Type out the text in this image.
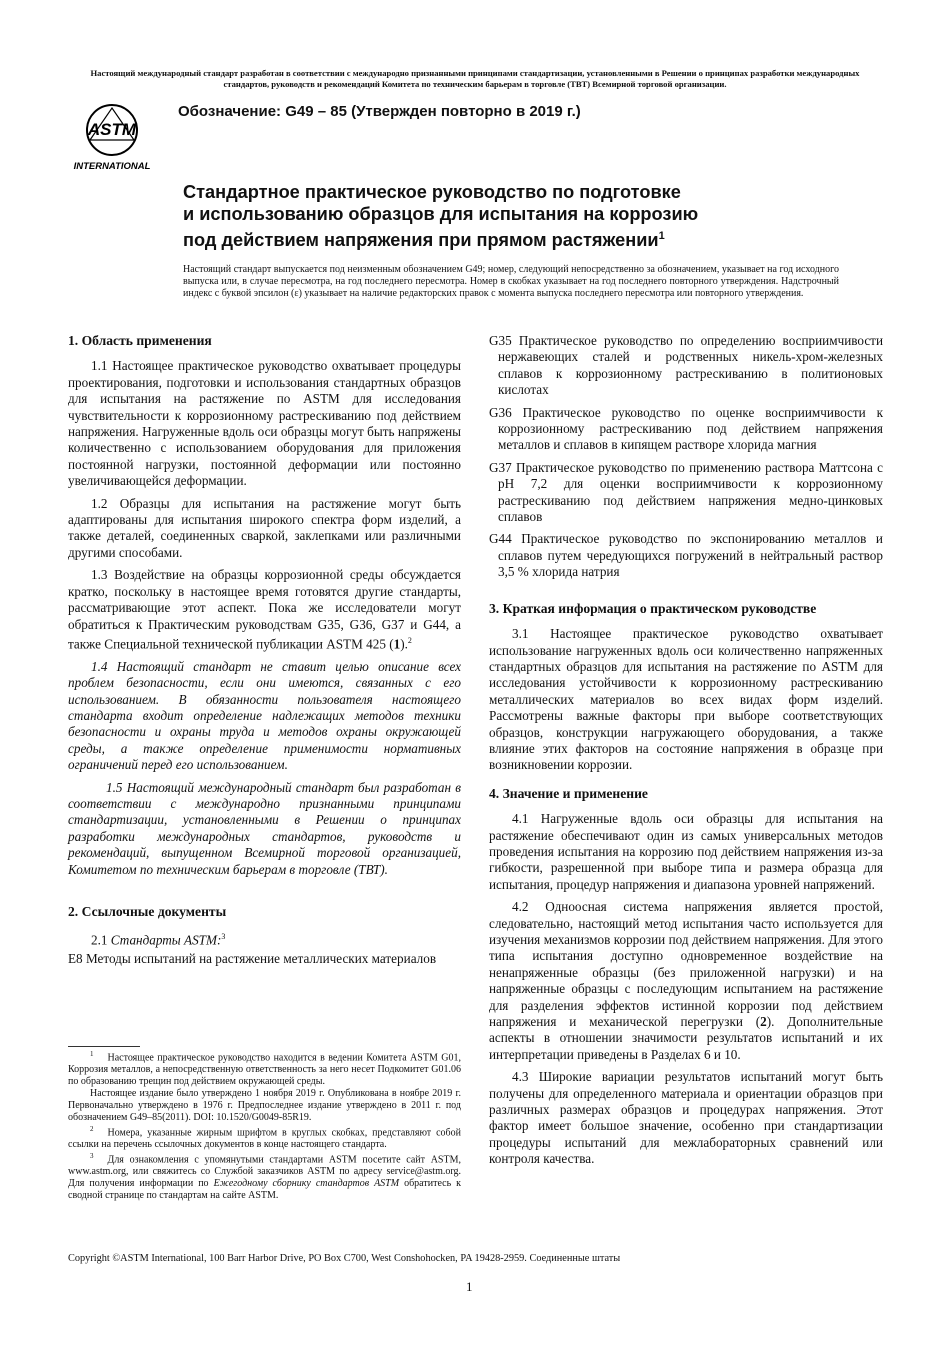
Настоящий международный стандарт разработан в соответствии с международно признанными принципами стандартизации, установленными в Решении о принципах разработки международных
стандартов, руководств и рекомендаций Комитета по техническим барьерам в торговле (ТВТ) Всемирной торговой организации.
ASTM
INTERNATIONAL
Обозначение: G49 – 85 (Утвержден повторно в 2019 г.)
Стандартное практическое руководство по подготовке
и использованию образцов для испытания на коррозию
под действием напряжения при прямом растяжении$^1$
Настоящий стандарт выпускается под неизменным обозначением G49; номер, следующий непосредственно за обозначением, указывает на год исходного выпуска или, в случае пересмотра, на год последнего пересмотра. Номер в скобках указывает на год последнего повторного утверждения. Надстрочный индекс с буквой эпсилон (ε) указывает на наличие редакторских правок с момента выпуска последнего пересмотра или повторного утверждения.
1. Область применения

1.1 Настоящее практическое руководство охватывает процедуры проектирования, подготовки и использования стандартных образцов для испытания на растяжение по ASTM для исследования чувствительности к коррозионному растрескиванию под действием напряжения. Нагруженные вдоль оси образцы могут быть напряжены количественно с использованием оборудования для приложения постоянной нагрузки, постоянной деформации или постоянно увеличивающейся деформации.

1.2 Образцы для испытания на растяжение могут быть адаптированы для испытания широкого спектра форм изделий, а также деталей, соединенных сваркой, заклепками или различными другими способами.

1.3 Воздействие на образцы коррозионной среды обсуждается кратко, поскольку в настоящее время готовятся другие стандарты, рассматривающие этот аспект. Пока же исследователи могут обратиться к Практическим руководствам G35, G36, G37 и G44, а также Специальной технической публикации ASTM 425 (1).$^2$

1.4 Настоящий стандарт не ставит целью описание всех проблем безопасности, если они имеются, связанных с его использованием. В обязанности пользователя настоящего стандарта входит определение надлежащих методов техники безопасности и охраны труда и методов охраны окружающей среды, а также определение применимости нормативных ограничений перед его использованием.

1.5 Настоящий международный стандарт был разработан в соответствии с международно признанными принципами стандартизации, установленными в Решении о принципах разработки международных стандартов, руководств и рекомендаций, выпущенном Всемирной торговой организацией, Комитетом по техническим барьерам в торговле (ТВТ).

2. Ссылочные документы

2.1 Стандарты ASTM:$^3$

E8 Методы испытаний на растяжение металлических материалов

$^1$ Настоящее практическое руководство находится в ведении Комитета ASTM G01, Коррозия металлов, а непосредственную ответственность за него несет Подкомитет G01.06 по образованию трещин под действием окружающей среды.

Настоящее издание было утверждено 1 ноября 2019 г. Опубликована в ноябре 2019 г. Первоначально утверждено в 1976 г. Предпоследнее издание утверждено в 2011 г. под обозначением G49–85(2011). DOI: 10.1520/G0049-85R19.

$^2$ Номера, указанные жирным шрифтом в круглых скобках, представляют собой ссылки на перечень ссылочных документов в конце настоящего стандарта.

$^3$ Для ознакомления с упомянутыми стандартами ASTM посетите сайт ASTM, www.astm.org, или свяжитесь со Службой заказчиков ASTM по адресу service@astm.org. Для получения информации по Ежегодному сборнику стандартов ASTM обратитесь к сводной странице по стандартам на сайте ASTM.

G35 Практическое руководство по определению восприимчивости нержавеющих сталей и родственных никель-хром-железных сплавов к коррозионному растрескиванию в политионовых кислотах

G36 Практическое руководство по оценке восприимчивости к коррозионному растрескиванию под действием напряжения металлов и сплавов в кипящем растворе хлорида магния

G37 Практическое руководство по применению раствора Маттсона с pH 7,2 для оценки восприимчивости к коррозионному растрескиванию под действием напряжения медно-цинковых сплавов

G44 Практическое руководство по экспонированию металлов и сплавов путем чередующихся погружений в нейтральный раствор 3,5 % хлорида натрия

3. Краткая информация о практическом руководстве

3.1 Настоящее практическое руководство охватывает использование нагруженных вдоль оси количественно напряженных стандартных образцов для испытания на растяжение по ASTM для исследования устойчивости к коррозионному растрескиванию металлических материалов во всех видах форм изделий. Рассмотрены важные факторы при выборе соответствующих образцов, конструкции нагружающего оборудования, а также влияние этих факторов на состояние напряжения в образце при возникновении коррозии.

4. Значение и применение

4.1 Нагруженные вдоль оси образцы для испытания на растяжение обеспечивают один из самых универсальных методов проведения испытания на коррозию под действием напряжения из-за гибкости, разрешенной при выборе типа и размера образца для испытания, процедур напряжения и диапазона уровней напряжений.

4.2 Одноосная система напряжения является простой, следовательно, настоящий метод испытания часто используется для изучения механизмов коррозии под действием напряжения. Для этого типа испытания доступно одновременное воздействие на ненапряженные образцы (без приложенной нагрузки) и на напряженные образцы с последующим испытанием на растяжение для разделения эффектов истинной коррозии под действием напряжения и механической перегрузки (2). Дополнительные аспекты в отношении значимости результатов испытаний и их интерпретации приведены в Разделах 6 и 10.

4.3 Широкие вариации результатов испытаний могут быть получены для определенного материала и ориентации образцов при различных размерах образцов и процедурах напряжения. Этот фактор имеет большое значение, особенно при стандартизации процедуры испытаний для межлабораторных сравнений или контроля качества.

Copyright ©ASTM International, 100 Barr Harbor Drive, PO Box C700, West Conshohocken, PA 19428-2959. Соединенные штаты
1
